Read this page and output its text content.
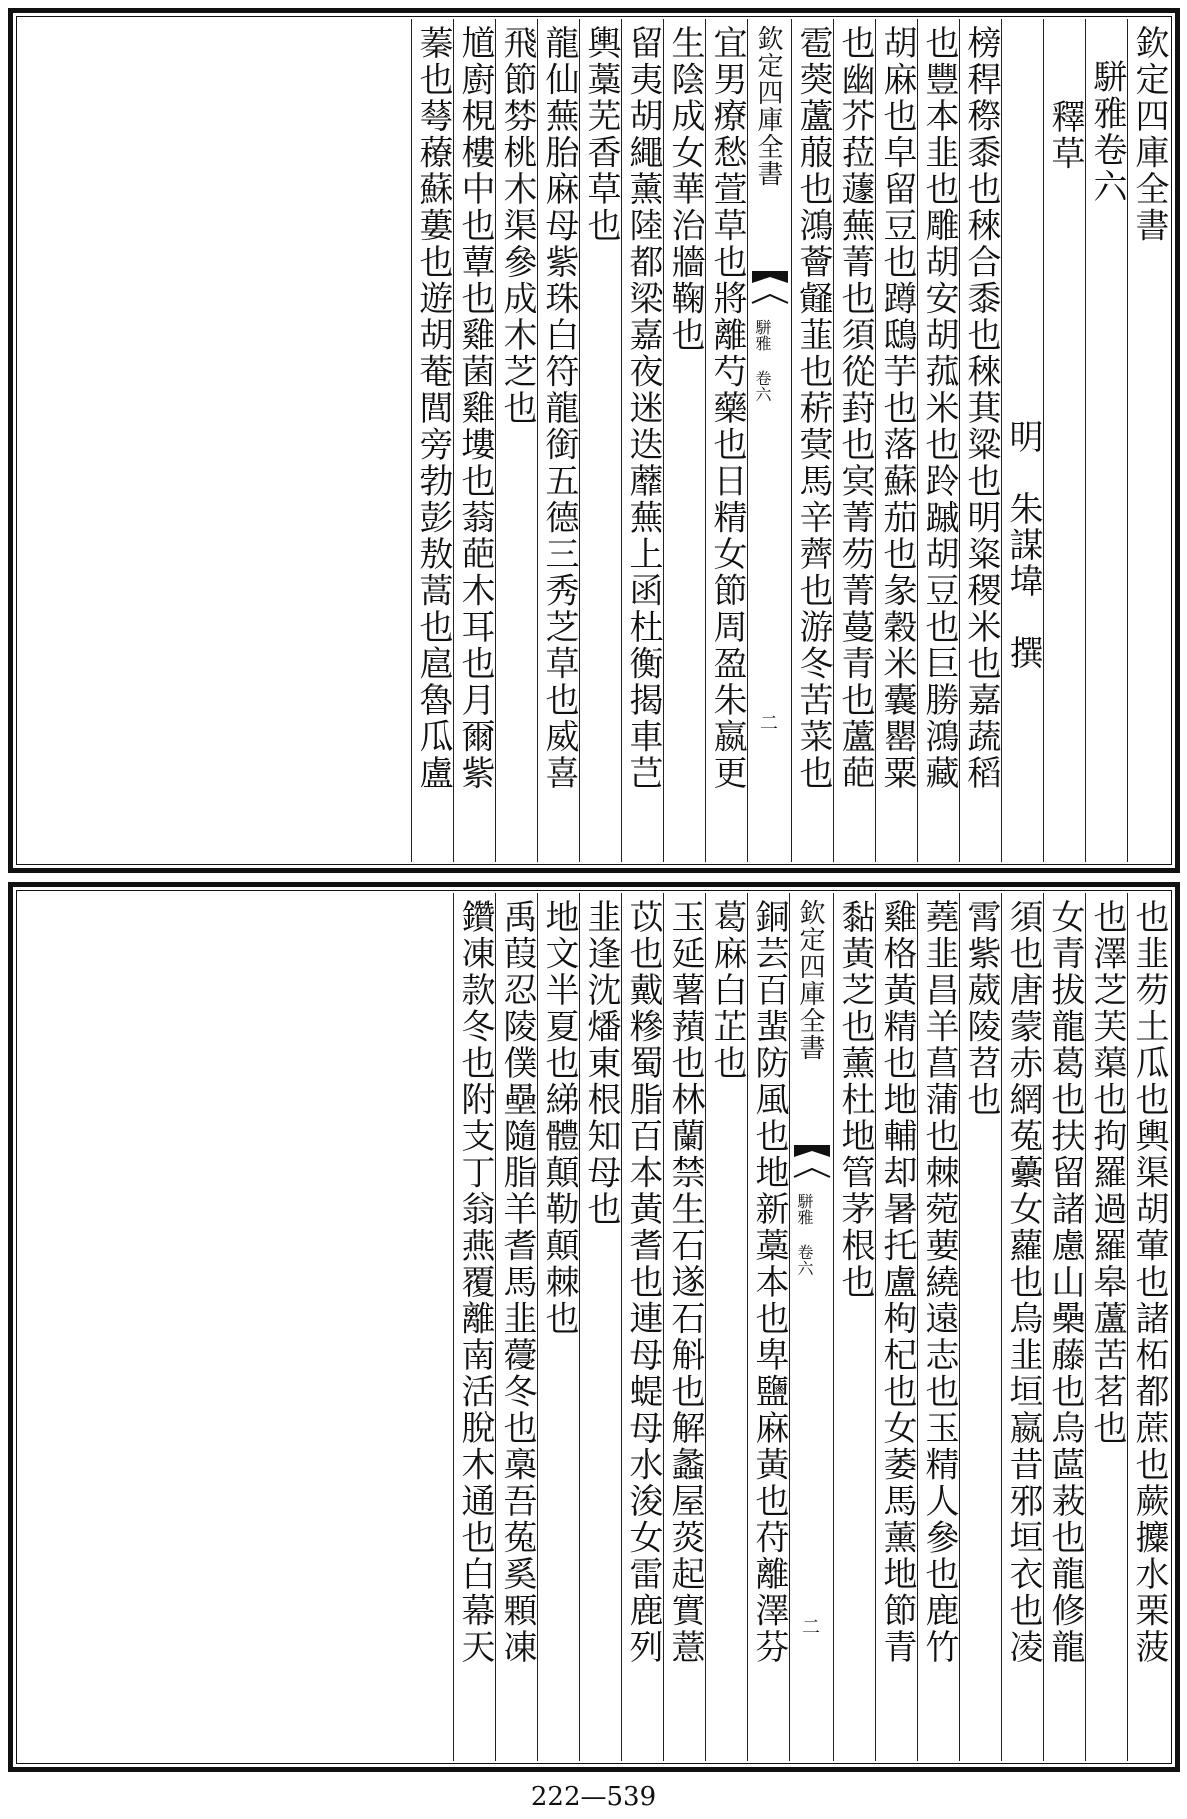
欽定四庫全書
駢雅卷六
釋草
明　朱謀㙔　撰
榜稈穄黍也䅘合黍也䅘萁粱也明粢稷米也嘉蔬稻
也豐本韭也雕胡安胡菰米也跉䠞胡豆也巨勝鴻藏
胡麻也皁留豆也蹲鴟芋也落蘇茄也彖穀米囊罌粟
也幽芥菈蘧蕪菁也須從葑也㝠菁芴菁蔓青也蘆葩
雹葖蘆菔也鴻薈䪥韮也菥蓂馬辛薺也游冬苦菜也
欽定四庫全書
駢雅 卷六
二
宜男療愁萱草也將離芍藥也日精女節周盈朱嬴更
生陰成女華治牆鞠也
留夷胡繩薰陸都梁嘉夜迷迭蘼蕪上函杜衡揭車芑
輿藁芜香草也
龍仙蕪胎麻母紫珠白符龍銜五德三秀芝草也威喜
飛節棼桃木渠參成木芝也
馗廚梘樓中也蕈也雞菌雞塿也蓊葩木耳也月爾紫
蓁也䔢䕩蘇蔞也遊胡菴閭旁勃彭敖蒿也扈魯瓜盧
也韭芴土瓜也輿渠胡葷也諸柘都蔗也蕨攗水栗菠
也澤芝芙蕖也拘羅過羅皋蘆苦茗也
女青拔龍葛也扶留諸慮山櫐藤也烏蓲䓮也龍修龍
須也唐蒙赤網菟虆女蘿也烏韭垣嬴昔邪垣衣也凌
霄紫葳陵苕也
蕘韭昌羊菖蒲也棘菀葽繞遠志也玉精人參也鹿竹
雞格黃精也地輔却暑托盧枸杞也女萎馬薰地節青
黏黃芝也薰杜地管茅根也
欽定四庫全書
駢雅 卷六
二
銅芸百蜚防風也地新藁本也卑鹽麻黃也苻離澤芬
葛麻白芷也
玉延薯蕷也林蘭禁生石遂石斛也解蠡屋菼起實薏
苡也戴糝蜀脂百本黃耆也連母蝭母水浚女雷鹿列
韭逢沈燔東根知母也
地文半夏也綈體顛勒顛棘也
禹葭忍陵僕壘隨脂羊耆馬韭蘉冬也槀吾菟奚顆凍
鑽凍款冬也附支丁翁燕覆離南活脫木通也白幕天
222—539
